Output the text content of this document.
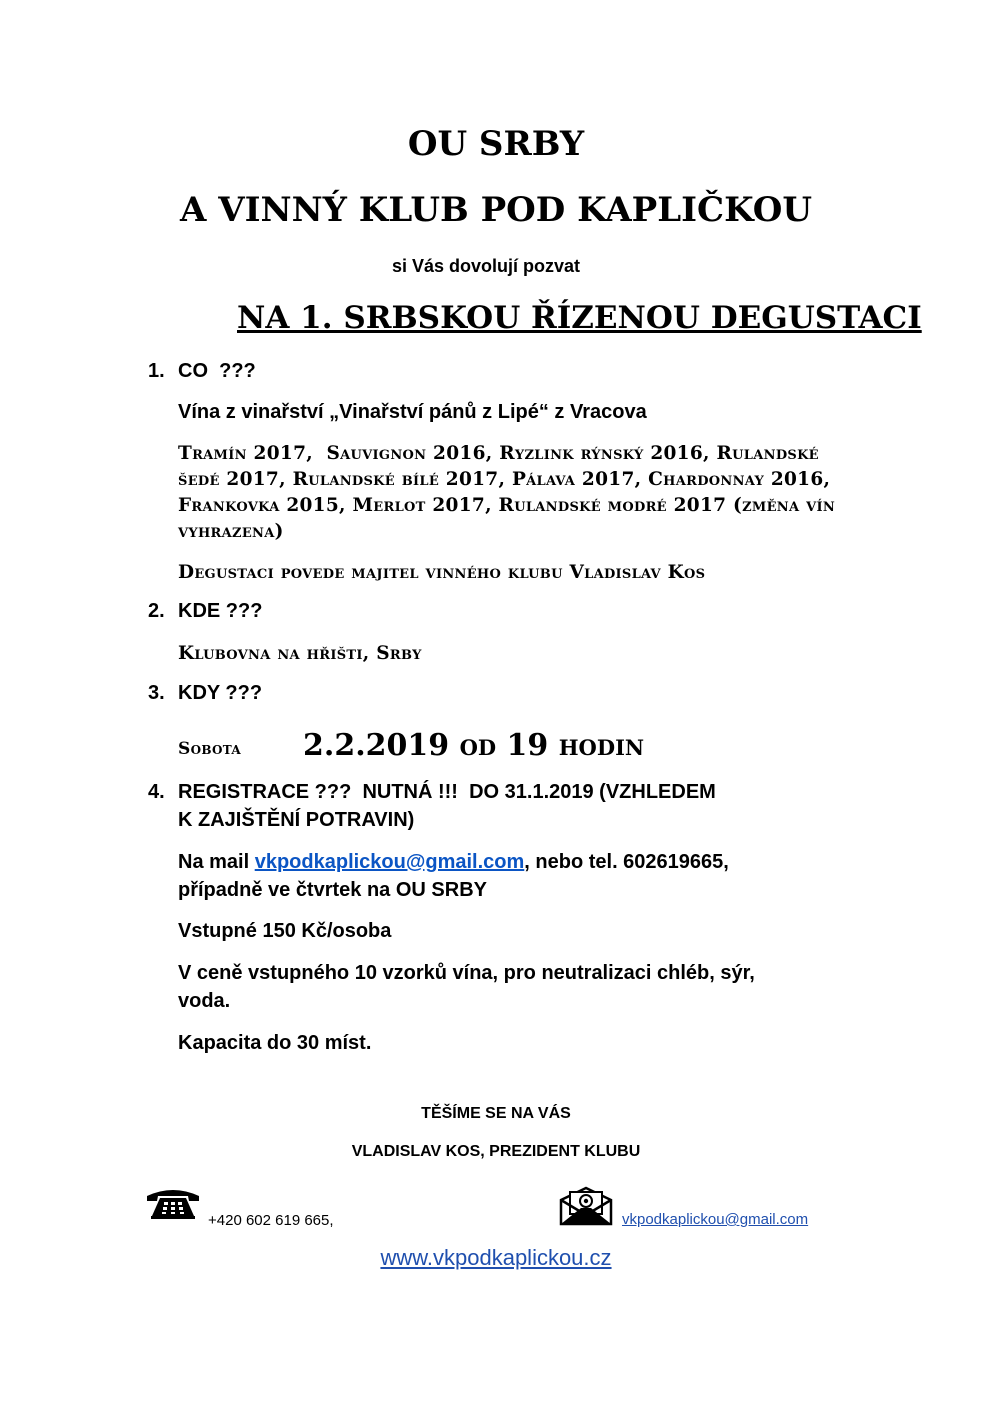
OU SRBY
A VINNÝ KLUB POD KAPLIČKOU
si Vás dovolují pozvat
NA 1. SRBSKOU ŘÍZENOU DEGUSTACI
1. CO  ???
Vína z vinařství „Vinařství pánů z Lipé“ z Vracova
Tramín 2017,  Sauvignon 2016, Ryzlink rýnský 2016, Rulandské
šedé 2017, Rulandské bílé 2017, Pálava 2017, Chardonnay 2016,
Frankovka 2015, Merlot 2017, Rulandské modré 2017 (změna vín
vyhrazena)
Degustaci povede majitel vinného klubu Vladislav Kos
2. KDE ???
Klubovna na hřišti, Srby
3. KDY ???
Sobota 2.2.2019 od 19 hodin
4. REGISTRACE ???  NUTNÁ !!!  DO 31.1.2019 (VZHLEDEM
K ZAJIŠTĚNÍ POTRAVIN)
Na mail vkpodkaplickou@gmail.com, nebo tel. 602619665,
případně ve čtvrtek na OU SRBY
Vstupné 150 Kč/osoba
V ceně vstupného 10 vzorků vína, pro neutralizaci chléb, sýr,
voda.
Kapacita do 30 míst.
TĚŠÍME SE NA VÁS
VLADISLAV KOS, PREZIDENT KLUBU
+420 602 619 665,	vkpodkaplickou@gmail.com
www.vkpodkaplickou.cz
